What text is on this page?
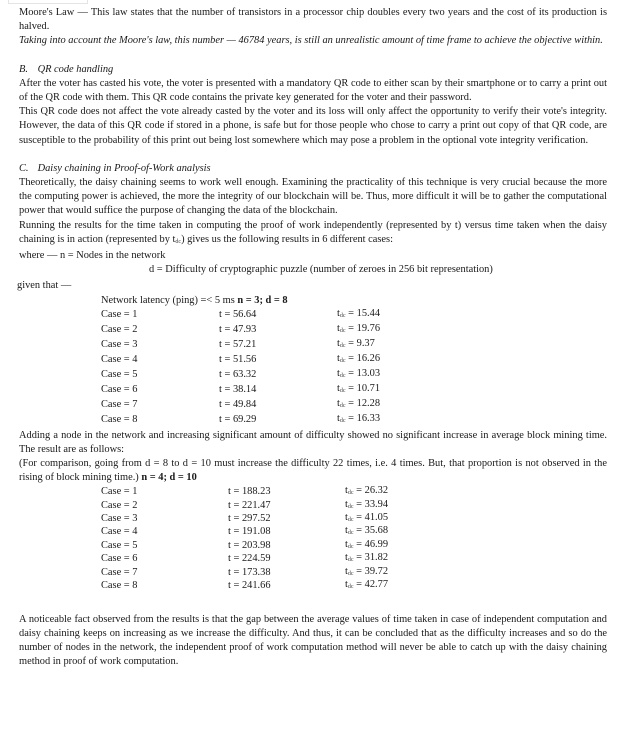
Moore's Law — This law states that the number of transistors in a processor chip doubles every two years and the cost of its production is halved.

Taking into account the Moore's law, this number — 46784 years, is still an unrealistic amount of time frame to achieve the objective within.

B. QR code handling

After the voter has casted his vote, the voter is presented with a mandatory QR code to either scan by their smartphone or to carry a print out of the QR code with them. This QR code contains the private key generated for the voter and their password.

This QR code does not affect the vote already casted by the voter and its loss will only affect the opportunity to verify their vote's integrity. However, the data of this QR code if stored in a phone, is safe but for those people who chose to carry a print out copy of that QR code, are susceptible to the probability of this print out being lost somewhere which may pose a problem in the optional vote integrity verification.

C. Daisy chaining in Proof-of-Work analysis

Theoretically, the daisy chaining seems to work well enough. Examining the practicality of this technique is very crucial because the more the computing power is achieved, the more the integrity of our blockchain will be. Thus, more difficult it will be to gather the computational power that would suffice the purpose of changing the data of the blockchain.

Running the results for the time taken in computing the proof of work independently (represented by t) versus time taken when the daisy chaining is in action (represented by $t_{dc}$) gives us the following results in 6 different cases:

where — n = Nodes in the network

d = Difficulty of cryptographic puzzle (number of zeroes in 256 bit representation)

given that —

Network latency (ping) =< 5 ms n = 3; d = 8

Case = 1	t = 56.64	$t_{dc} = 15.44$
Case = 2	t = 47.93	$t_{dc} = 19.76$
Case = 3	t = 57.21	$t_{dc} = 9.37$
Case = 4	t = 51.56	$t_{dc} = 16.26$
Case = 5	t = 63.32	$t_{dc} = 13.03$
Case = 6	t = 38.14	$t_{dc} = 10.71$
Case = 7	t = 49.84	$t_{dc} = 12.28$
Case = 8	t = 69.29	$t_{dc} = 16.33$

Adding a node in the network and increasing significant amount of difficulty showed no significant increase in average block mining time. The result are as follows:

(For comparison, going from d = 8 to d = 10 must increase the difficulty 22 times, i.e. 4 times. But, that proportion is not observed in the rising of block mining time.) n = 4; d = 10

Case = 1	t = 188.23	$t_{dc} = 26.32$
Case = 2	t = 221.47	$t_{dc} = 33.94$
Case = 3	t = 297.52	$t_{dc} = 41.05$
Case = 4	t = 191.08	$t_{dc} = 35.68$
Case = 5	t = 203.98	$t_{dc} = 46.99$
Case = 6	t = 224.59	$t_{dc} = 31.82$
Case = 7	t = 173.38	$t_{dc} = 39.72$
Case = 8	t = 241.66	$t_{dc} = 42.77$

A noticeable fact observed from the results is that the gap between the average values of time taken in case of independent computation and daisy chaining keeps on increasing as we increase the difficulty. And thus, it can be concluded that as the difficulty increases and so do the number of nodes in the network, the independent proof of work computation method will never be able to catch up with the daisy chaining method in proof of work computation.
